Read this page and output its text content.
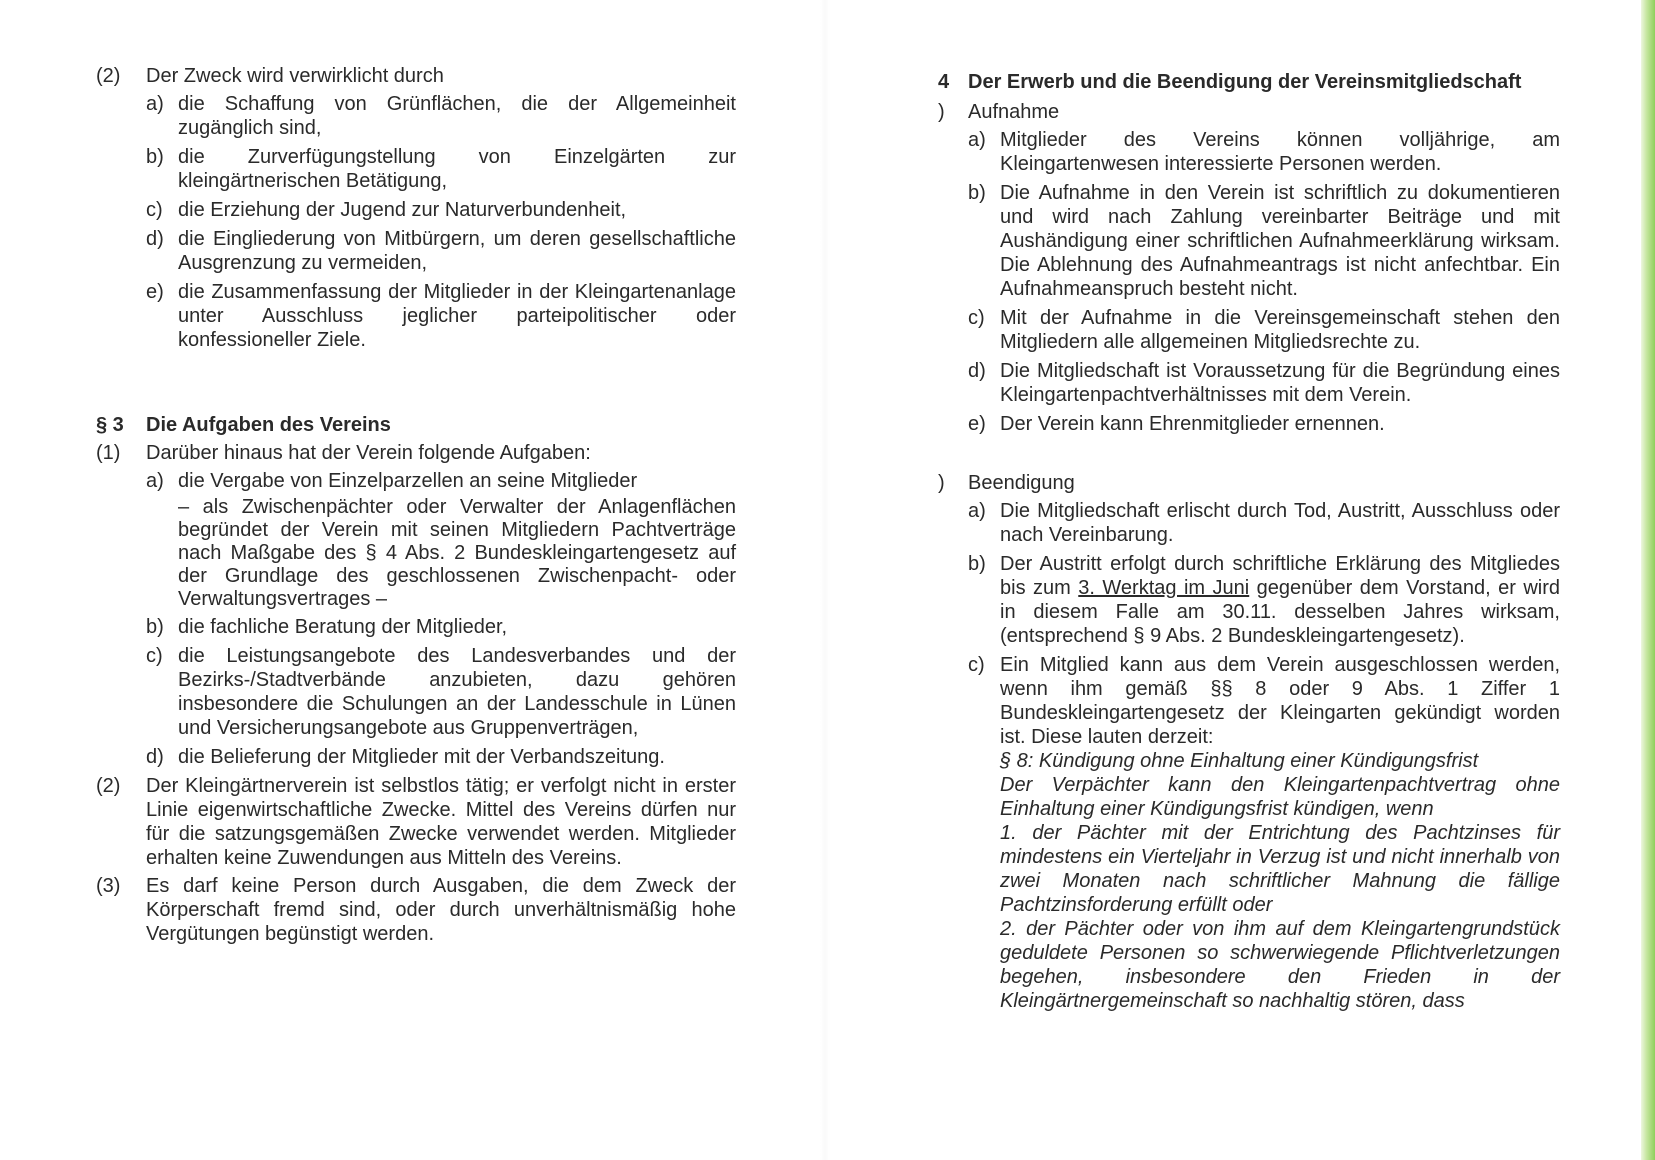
(2)	Der Zweck wird verwirklicht durch
a) die Schaffung von Grünflächen, die der Allgemeinheit zugänglich sind,
b) die Zurverfügungstellung von Einzelgärten zur kleingärtnerischen Betätigung,
c) die Erziehung der Jugend zur Naturverbundenheit,
d) die Eingliederung von Mitbürgern, um deren gesellschaftliche Ausgrenzung zu vermeiden,
e) die Zusammenfassung der Mitglieder in der Kleingartenanlage unter Ausschluss jeglicher parteipolitischer oder konfessioneller Ziele.
§ 3	Die Aufgaben des Vereins
(1)	Darüber hinaus hat der Verein folgende Aufgaben:
a) die Vergabe von Einzelparzellen an seine Mitglieder
– als Zwischenpächter oder Verwalter der Anlagenflächen begründet der Verein mit seinen Mitgliedern Pachtverträge nach Maßgabe des § 4 Abs. 2 Bundeskleingartengesetz auf der Grundlage des geschlossenen Zwischenpacht- oder Verwaltungsvertrages –
b) die fachliche Beratung der Mitglieder,
c) die Leistungsangebote des Landesverbandes und der Bezirks-/Stadtverbände anzubieten, dazu gehören insbesondere die Schulungen an der Landesschule in Lünen und Versicherungsangebote aus Gruppenverträgen,
d) die Belieferung der Mitglieder mit der Verbandszeitung.
(2)	Der Kleingärtnerverein ist selbstlos tätig; er verfolgt nicht in erster Linie eigenwirtschaftliche Zwecke. Mittel des Vereins dürfen nur für die satzungsgemäßen Zwecke verwendet werden. Mitglieder erhalten keine Zuwendungen aus Mitteln des Vereins.
(3)	Es darf keine Person durch Ausgaben, die dem Zweck der Körperschaft fremd sind, oder durch unverhältnismäßig hohe Vergütungen begünstigt werden.
4 Der Erwerb und die Beendigung der Vereinsmitgliedschaft
)	Aufnahme
a) Mitglieder des Vereins können volljährige, am Kleingartenwesen interessierte Personen werden.
b) Die Aufnahme in den Verein ist schriftlich zu dokumentieren und wird nach Zahlung vereinbarter Beiträge und mit Aushändigung einer schriftlichen Aufnahmeerklärung wirksam. Die Ablehnung des Aufnahmeantrags ist nicht anfechtbar. Ein Aufnahmeanspruch besteht nicht.
c) Mit der Aufnahme in die Vereinsgemeinschaft stehen den Mitgliedern alle allgemeinen Mitgliedsrechte zu.
d) Die Mitgliedschaft ist Voraussetzung für die Begründung eines Kleingartenpachtverhältnisses mit dem Verein.
e) Der Verein kann Ehrenmitglieder ernennen.
)	Beendigung
a) Die Mitgliedschaft erlischt durch Tod, Austritt, Ausschluss oder nach Vereinbarung.
b) Der Austritt erfolgt durch schriftliche Erklärung des Mitgliedes bis zum 3. Werktag im Juni gegenüber dem Vorstand, er wird in diesem Falle am 30.11. desselben Jahres wirksam, (entsprechend § 9 Abs. 2 Bundeskleingartengesetz).
c) Ein Mitglied kann aus dem Verein ausgeschlossen werden, wenn ihm gemäß §§ 8 oder 9 Abs. 1 Ziffer 1 Bundeskleingartengesetz der Kleingarten gekündigt worden ist. Diese lauten derzeit:
§ 8: Kündigung ohne Einhaltung einer Kündigungsfrist
Der Verpächter kann den Kleingartenpachtvertrag ohne Einhaltung einer Kündigungsfrist kündigen, wenn
1. der Pächter mit der Entrichtung des Pachtzinses für mindestens ein Vierteljahr in Verzug ist und nicht innerhalb von zwei Monaten nach schriftlicher Mahnung die fällige Pachtzinsforderung erfüllt oder
2. der Pächter oder von ihm auf dem Kleingartengrundstück geduldete Personen so schwerwiegende Pflichtverletzungen begehen, insbesondere den Frieden in der Kleingärtnergemeinschaft so nachhaltig stören, dass
